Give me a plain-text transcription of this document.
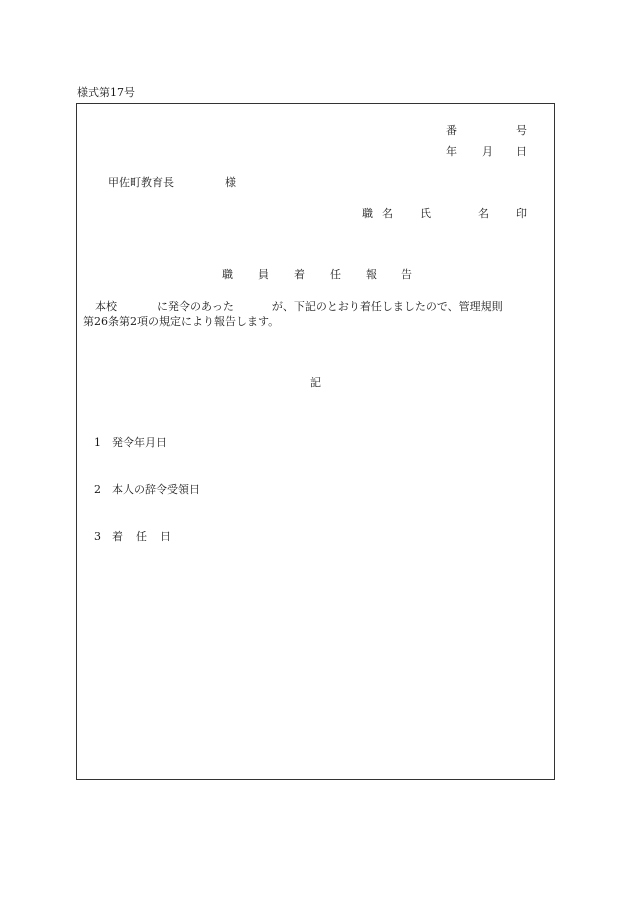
様式第17号
番	号
年 月 日
甲佐町教育長	様
職 名 氏	名 印
職 員 着 任 報 告
本校	に発令のあった	が、下記のとおり着任しましたので、管理規則
第26条第2項の規定により報告します。
記
1 発令年月日
2 本人の辞令受領日
3 着 任 日
